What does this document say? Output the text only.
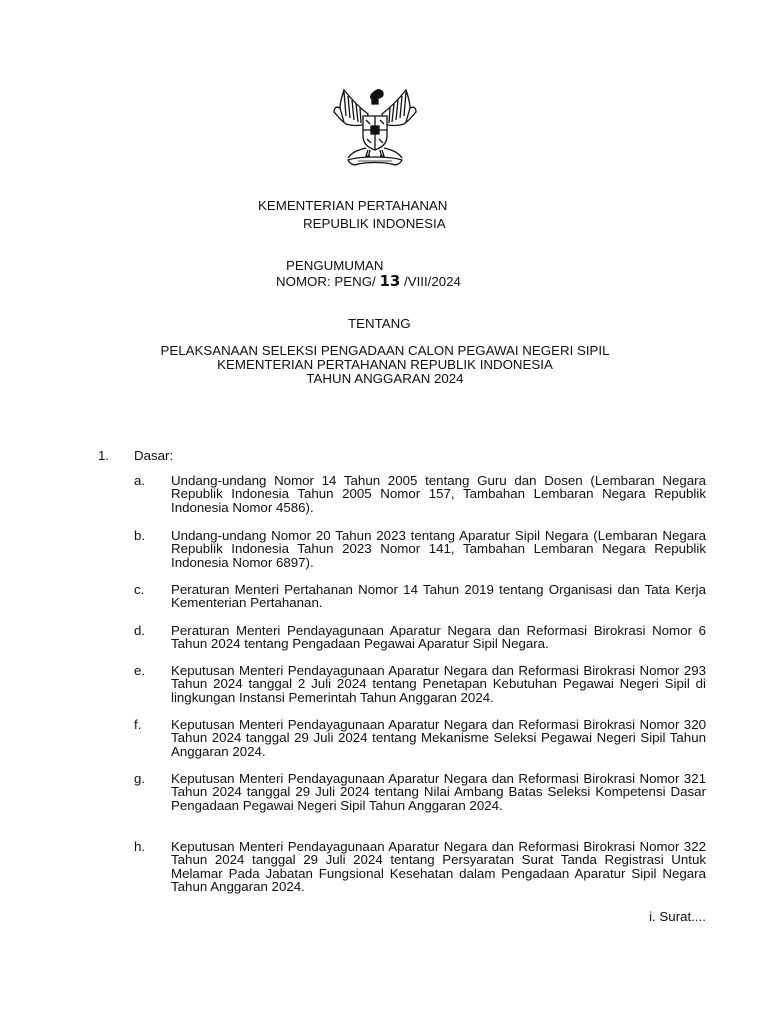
KEMENTERIAN PERTAHANAN
REPUBLIK INDONESIA
PENGUMUMAN
NOMOR: PENG/ 13 /VIII/2024
TENTANG
PELAKSANAAN SELEKSI PENGADAAN CALON PEGAWAI NEGERI SIPIL
KEMENTERIAN PERTAHANAN REPUBLIK INDONESIA
TAHUN ANGGARAN 2024
1. Dasar:
a.	Undang-undang Nomor 14 Tahun 2005 tentang Guru dan Dosen (Lembaran Negara Republik Indonesia Tahun 2005 Nomor 157, Tambahan Lembaran Negara Republik Indonesia Nomor 4586).
b.	Undang-undang Nomor 20 Tahun 2023 tentang Aparatur Sipil Negara (Lembaran Negara Republik Indonesia Tahun 2023 Nomor 141, Tambahan Lembaran Negara Republik Indonesia Nomor 6897).
c.	Peraturan Menteri Pertahanan Nomor 14 Tahun 2019 tentang Organisasi dan Tata Kerja Kementerian Pertahanan.
d.	Peraturan Menteri Pendayagunaan Aparatur Negara dan Reformasi Birokrasi Nomor 6 Tahun 2024 tentang Pengadaan Pegawai Aparatur Sipil Negara.
e.	Keputusan Menteri Pendayagunaan Aparatur Negara dan Reformasi Birokrasi Nomor 293 Tahun 2024 tanggal 2 Juli 2024 tentang Penetapan Kebutuhan Pegawai Negeri Sipil di lingkungan Instansi Pemerintah Tahun Anggaran 2024.
f.	Keputusan Menteri Pendayagunaan Aparatur Negara dan Reformasi Birokrasi Nomor 320 Tahun 2024 tanggal 29 Juli 2024 tentang Mekanisme Seleksi Pegawai Negeri Sipil Tahun Anggaran 2024.
g.	Keputusan Menteri Pendayagunaan Aparatur Negara dan Reformasi Birokrasi Nomor 321 Tahun 2024 tanggal 29 Juli 2024 tentang Nilai Ambang Batas Seleksi Kompetensi Dasar Pengadaan Pegawai Negeri Sipil Tahun Anggaran 2024.
h.	Keputusan Menteri Pendayagunaan Aparatur Negara dan Reformasi Birokrasi Nomor 322 Tahun 2024 tanggal 29 Juli 2024 tentang Persyaratan Surat Tanda Registrasi Untuk Melamar Pada Jabatan Fungsional Kesehatan dalam Pengadaan Aparatur Sipil Negara Tahun Anggaran 2024.
i. Surat....
